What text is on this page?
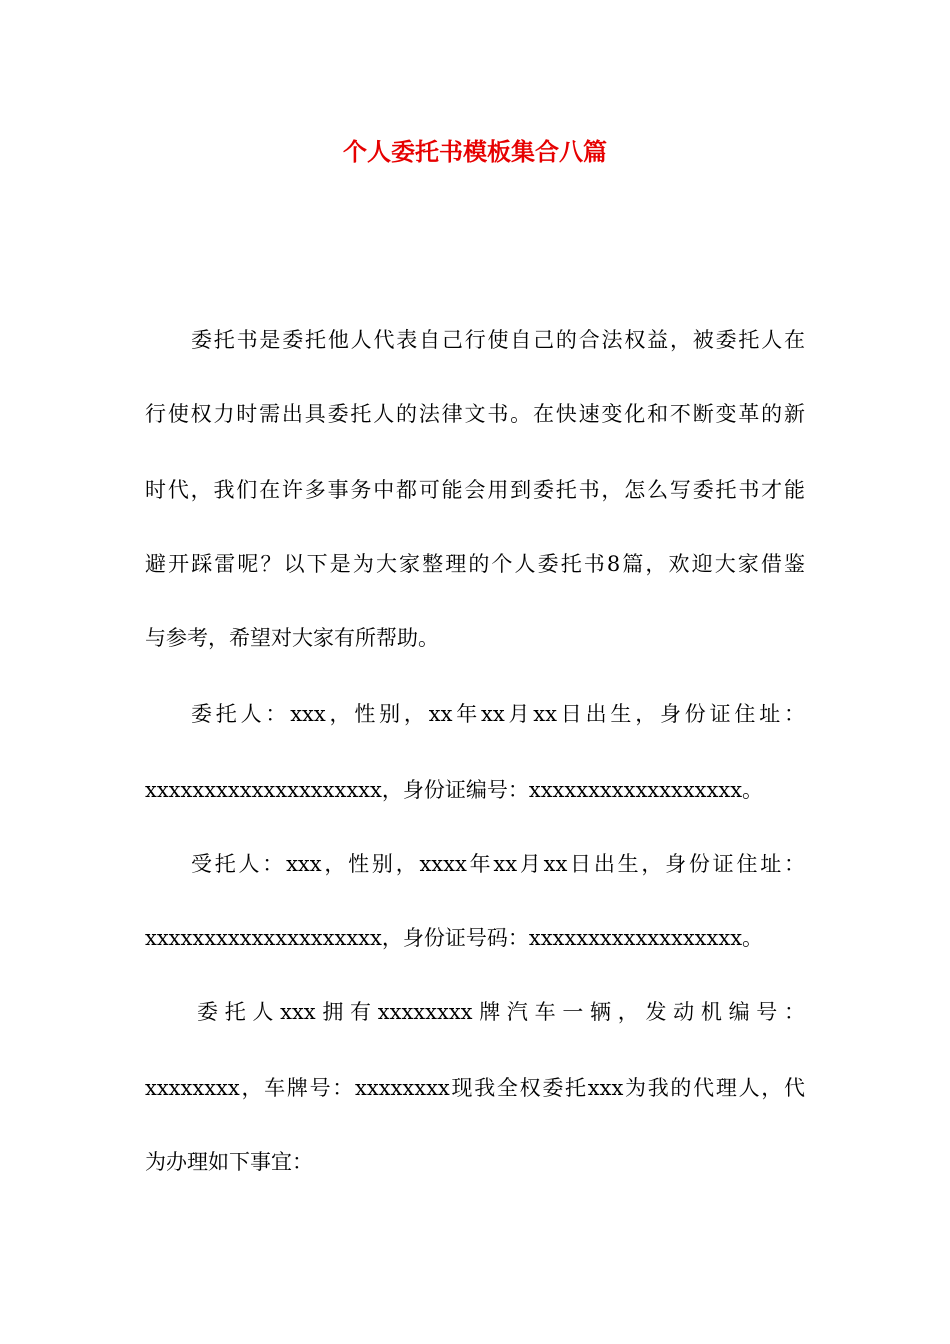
个人委托书模板集合八篇

委托书是委托他人代表自己行使自己的合法权益，被委托人在

行使权力时需出具委托人的法律文书。在快速变化和不断变革的新

时代，我们在许多事务中都可能会用到委托书，怎么写委托书才能

避开踩雷呢？以下是为大家整理的个人委托书8篇，欢迎大家借鉴

与参考，希望对大家有所帮助。

委托人：xxx，性别，xx年xx月xx日出生，身份证住址：

xxxxxxxxxxxxxxxxxxxx，身份证编号：xxxxxxxxxxxxxxxxxx。

受托人：xxx，性别，xxxx年xx月xx日出生，身份证住址：

xxxxxxxxxxxxxxxxxxxx，身份证号码：xxxxxxxxxxxxxxxxxx。

委托人xxx拥有xxxxxxxx牌汽车一辆，发动机编号：

xxxxxxxx，车牌号：xxxxxxxx现我全权委托xxx为我的代理人，代

为办理如下事宜：
